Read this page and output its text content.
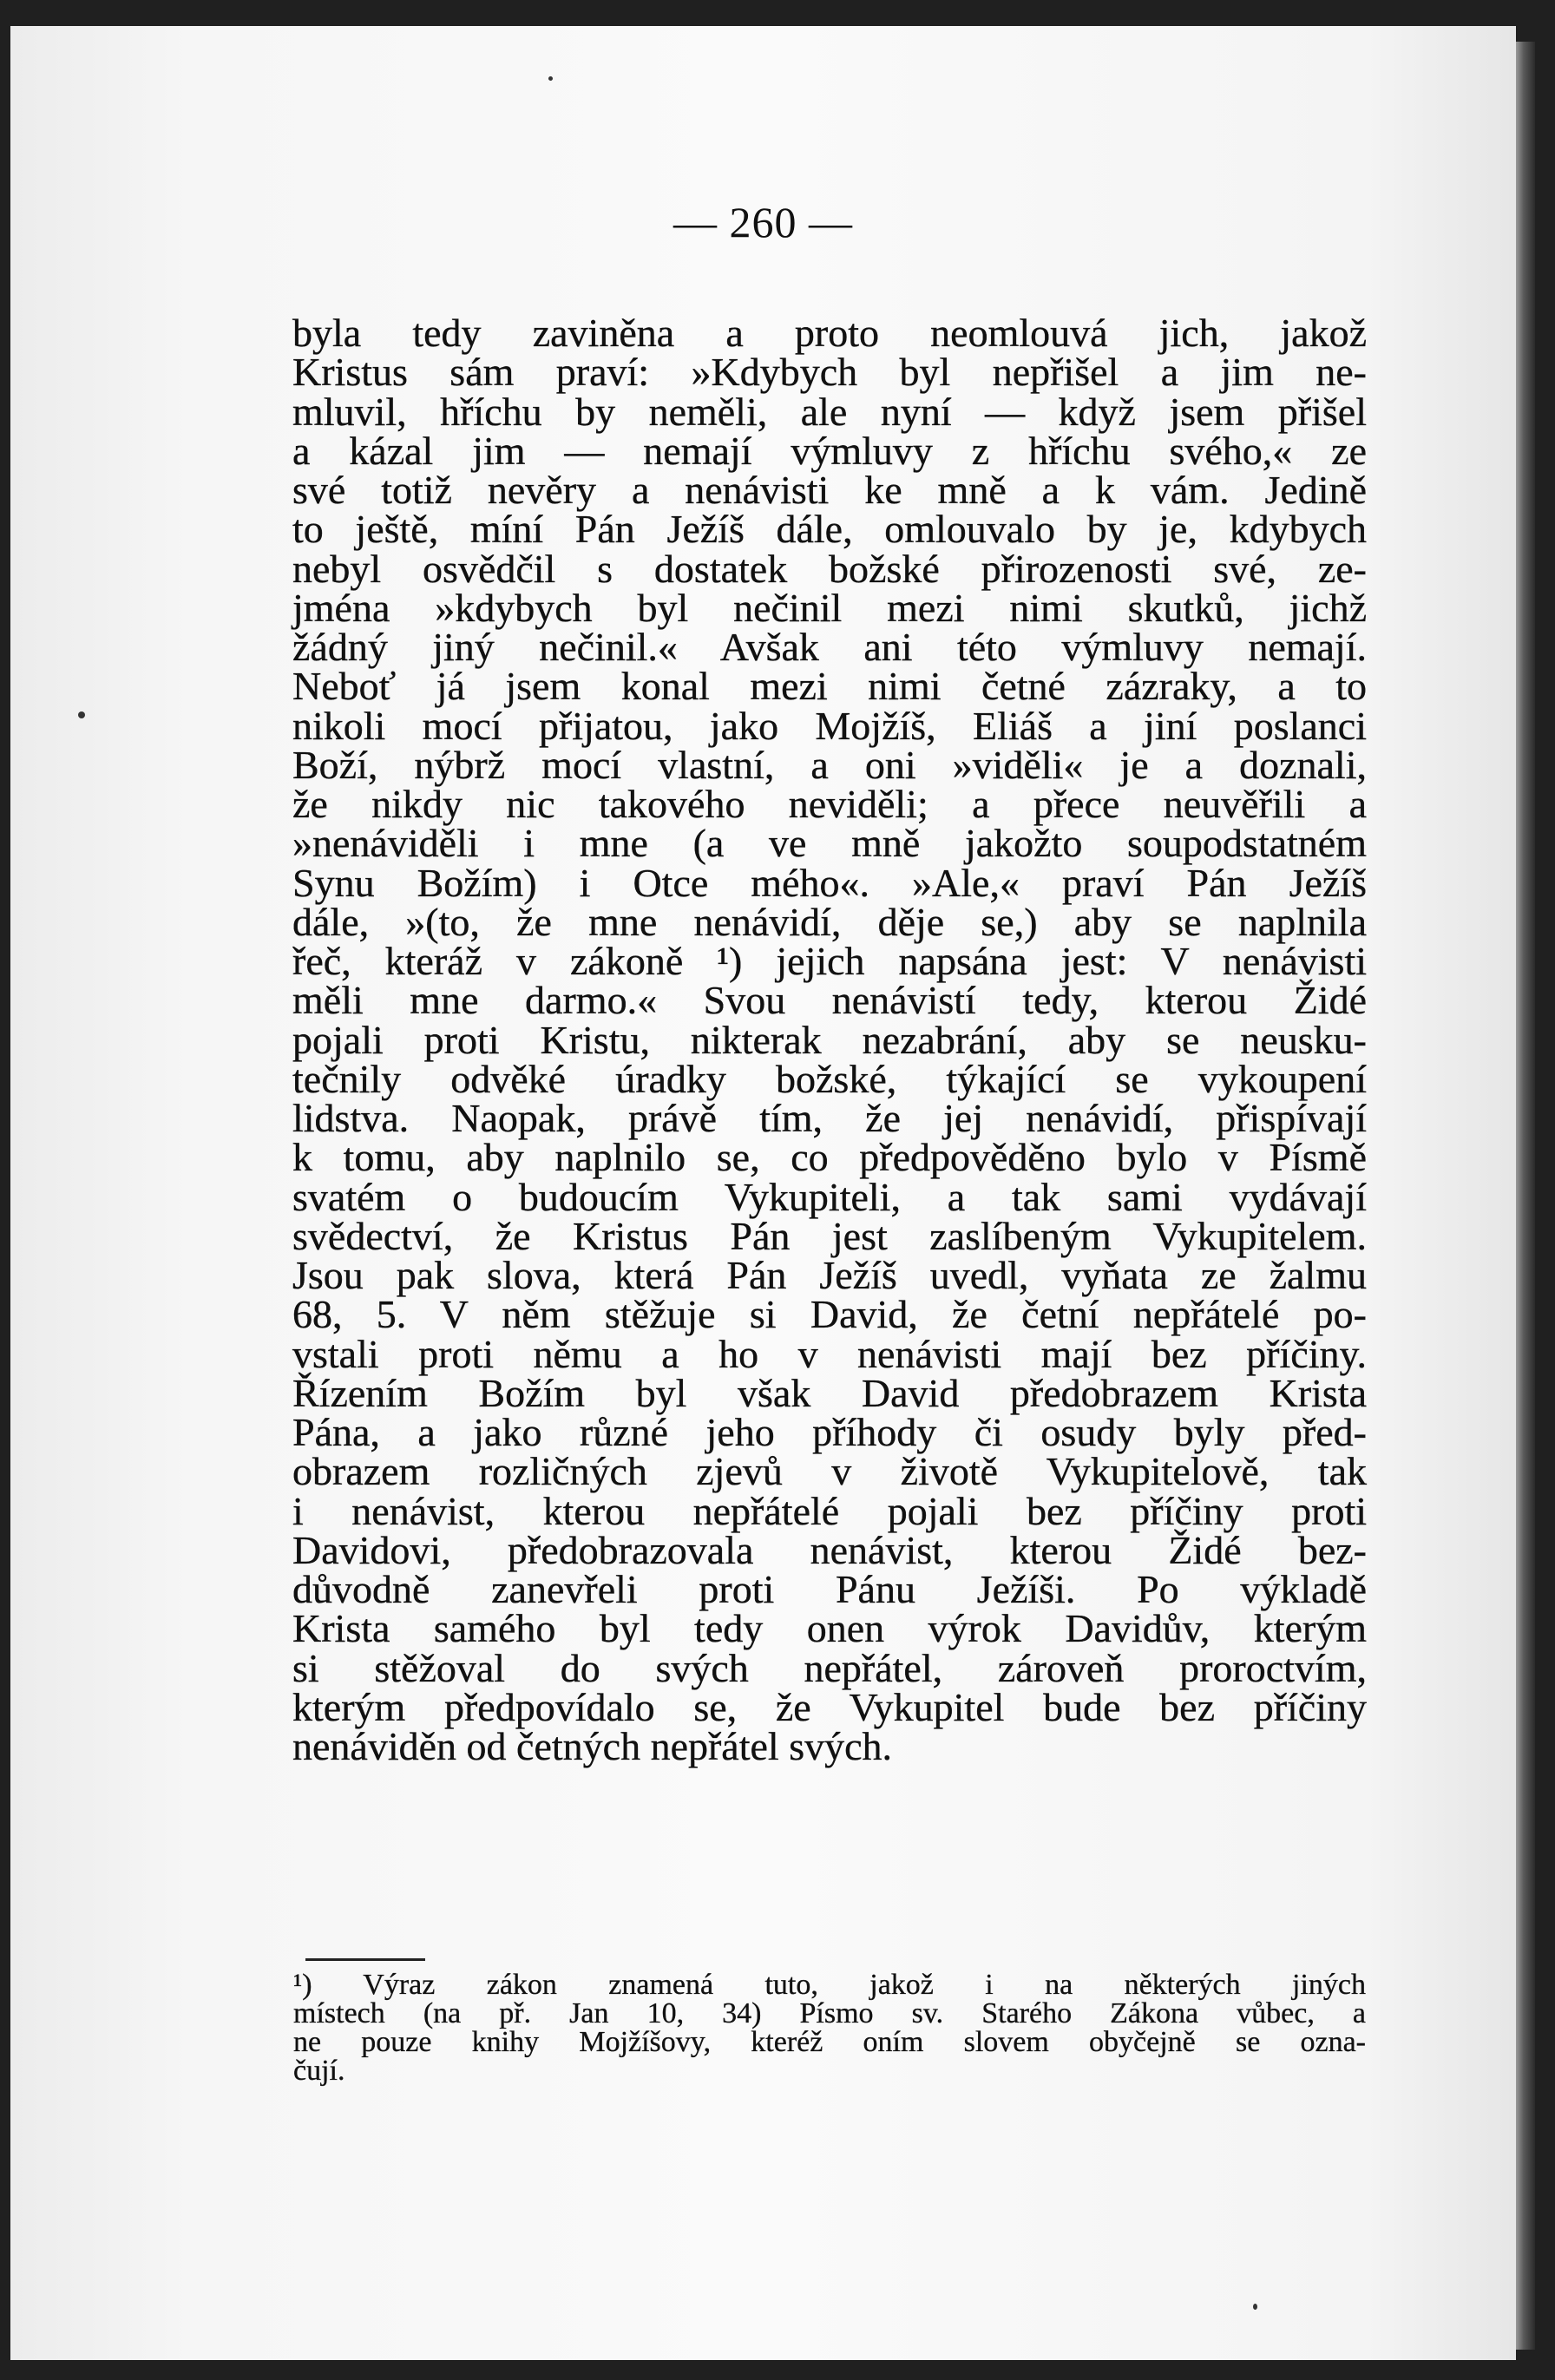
— 260 —
byla tedy zaviněna a proto neomlouvá jich, jakož
Kristus sám praví: »Kdybych byl nepřišel a jim ne-
mluvil, hříchu by neměli, ale nyní — když jsem přišel
a kázal jim — nemají výmluvy z hříchu svého,« ze
své totiž nevěry a nenávisti ke mně a k vám. Jedině
to ještě, míní Pán Ježíš dále, omlouvalo by je, kdybych
nebyl osvědčil s dostatek božské přirozenosti své, ze-
jména »kdybych byl nečinil mezi nimi skutků, jichž
žádný jiný nečinil.« Avšak ani této výmluvy nemají.
Neboť já jsem konal mezi nimi četné zázraky, a to
nikoli mocí přijatou, jako Mojžíš, Eliáš a jiní poslanci
Boží, nýbrž mocí vlastní, a oni »viděli« je a doznali,
že nikdy nic takového neviděli; a přece neuvěřili a
»nenáviděli i mne (a ve mně jakožto soupodstatném
Synu Božím) i Otce mého«. »Ale,« praví Pán Ježíš
dále, »(to, že mne nenávidí, děje se,) aby se naplnila
řeč, kteráž v zákoně ¹) jejich napsána jest: V nenávisti
měli mne darmo.« Svou nenávistí tedy, kterou Židé
pojali proti Kristu, nikterak nezabrání, aby se neusku-
tečnily odvěké úradky božské, týkající se vykoupení
lidstva. Naopak, právě tím, že jej nenávidí, přispívají
k tomu, aby naplnilo se, co předpověděno bylo v Písmě
svatém o budoucím Vykupiteli, a tak sami vydávají
svědectví, že Kristus Pán jest zaslíbeným Vykupitelem.
Jsou pak slova, která Pán Ježíš uvedl, vyňata ze žalmu
68, 5. V něm stěžuje si David, že četní nepřátelé po-
vstali proti němu a ho v nenávisti mají bez příčiny.
Řízením Božím byl však David předobrazem Krista
Pána, a jako různé jeho příhody či osudy byly před-
obrazem rozličných zjevů v životě Vykupitelově, tak
i nenávist, kterou nepřátelé pojali bez příčiny proti
Davidovi, předobrazovala nenávist, kterou Židé bez-
důvodně zanevřeli proti Pánu Ježíši. Po výkladě
Krista samého byl tedy onen výrok Davidův, kterým
si stěžoval do svých nepřátel, zároveň proroctvím,
kterým předpovídalo se, že Vykupitel bude bez příčiny
nenáviděn od četných nepřátel svých.
¹) Výraz zákon znamená tuto, jakož i na některých jiných
místech (na př. Jan 10, 34) Písmo sv. Starého Zákona vůbec, a
ne pouze knihy Mojžíšovy, kteréž oním slovem obyčejně se ozna-
čují.
